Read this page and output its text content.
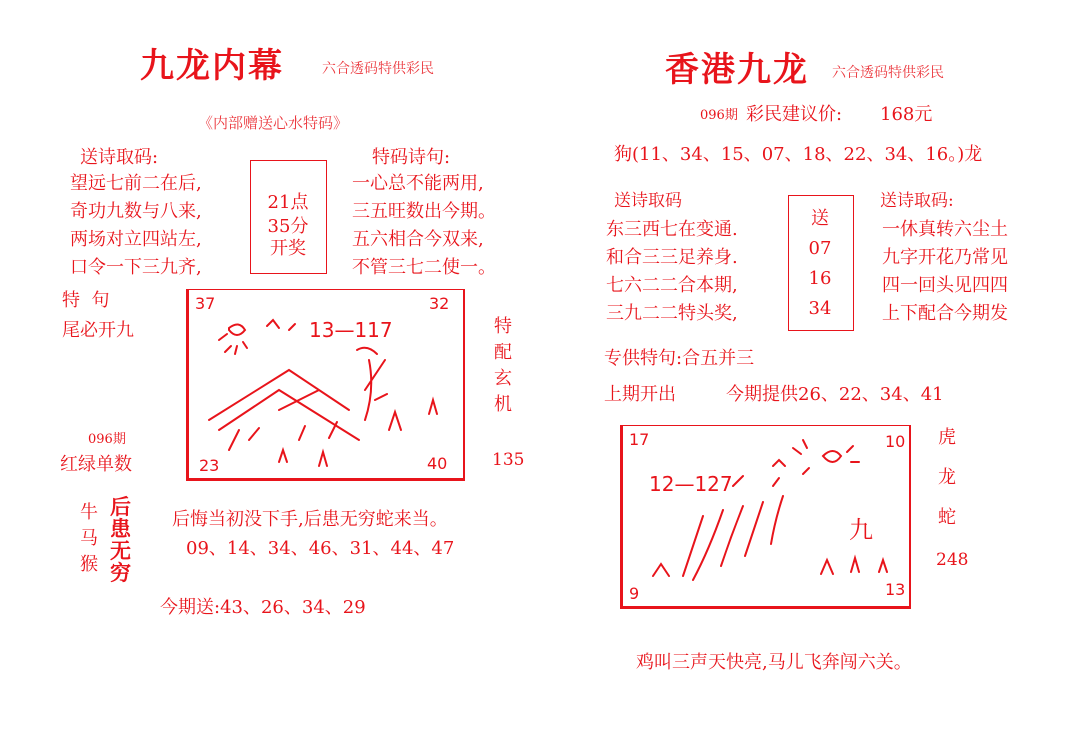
九龙内幕	六合透码特供彩民
《内部赠送心水特码》
送诗取码:
望远七前二在后,
奇功九数与八来,
两场对立四站左,
口令一下三九齐,
21点
35分
开奖
特码诗句:
一心总不能两用,
三五旺数出今期。
五六相合今双来,
不管三七二使一。
特  句
尾必开九	特
配
玄
机
135
096期
红绿单数
37	32
23	40
13—117
牛
马
猴
后
患
无
穷
后悔当初没下手,后患无穷蛇来当。
09、14、34、46、31、44、47
今期送:43、26、34、29
香港九龙 六合透码特供彩民
096期 彩民建议价: 168元
狗(11、34、15、07、18、22、34、16。)龙
送诗取码
东三西七在变通.
和合三三足养身.
七六二二合本期,
三九二二特头奖,
送
07
16
34
送诗取码:
一休真转六尘土
九字开花乃常见
四一回头见四四
上下配合今期发
专供特句:合五并三
上期开出	今期提供26、22、34、41
17	10
9	13
12—127
九
虎
龙
蛇
248
鸡叫三声天快亮,马儿飞奔闯六关。
